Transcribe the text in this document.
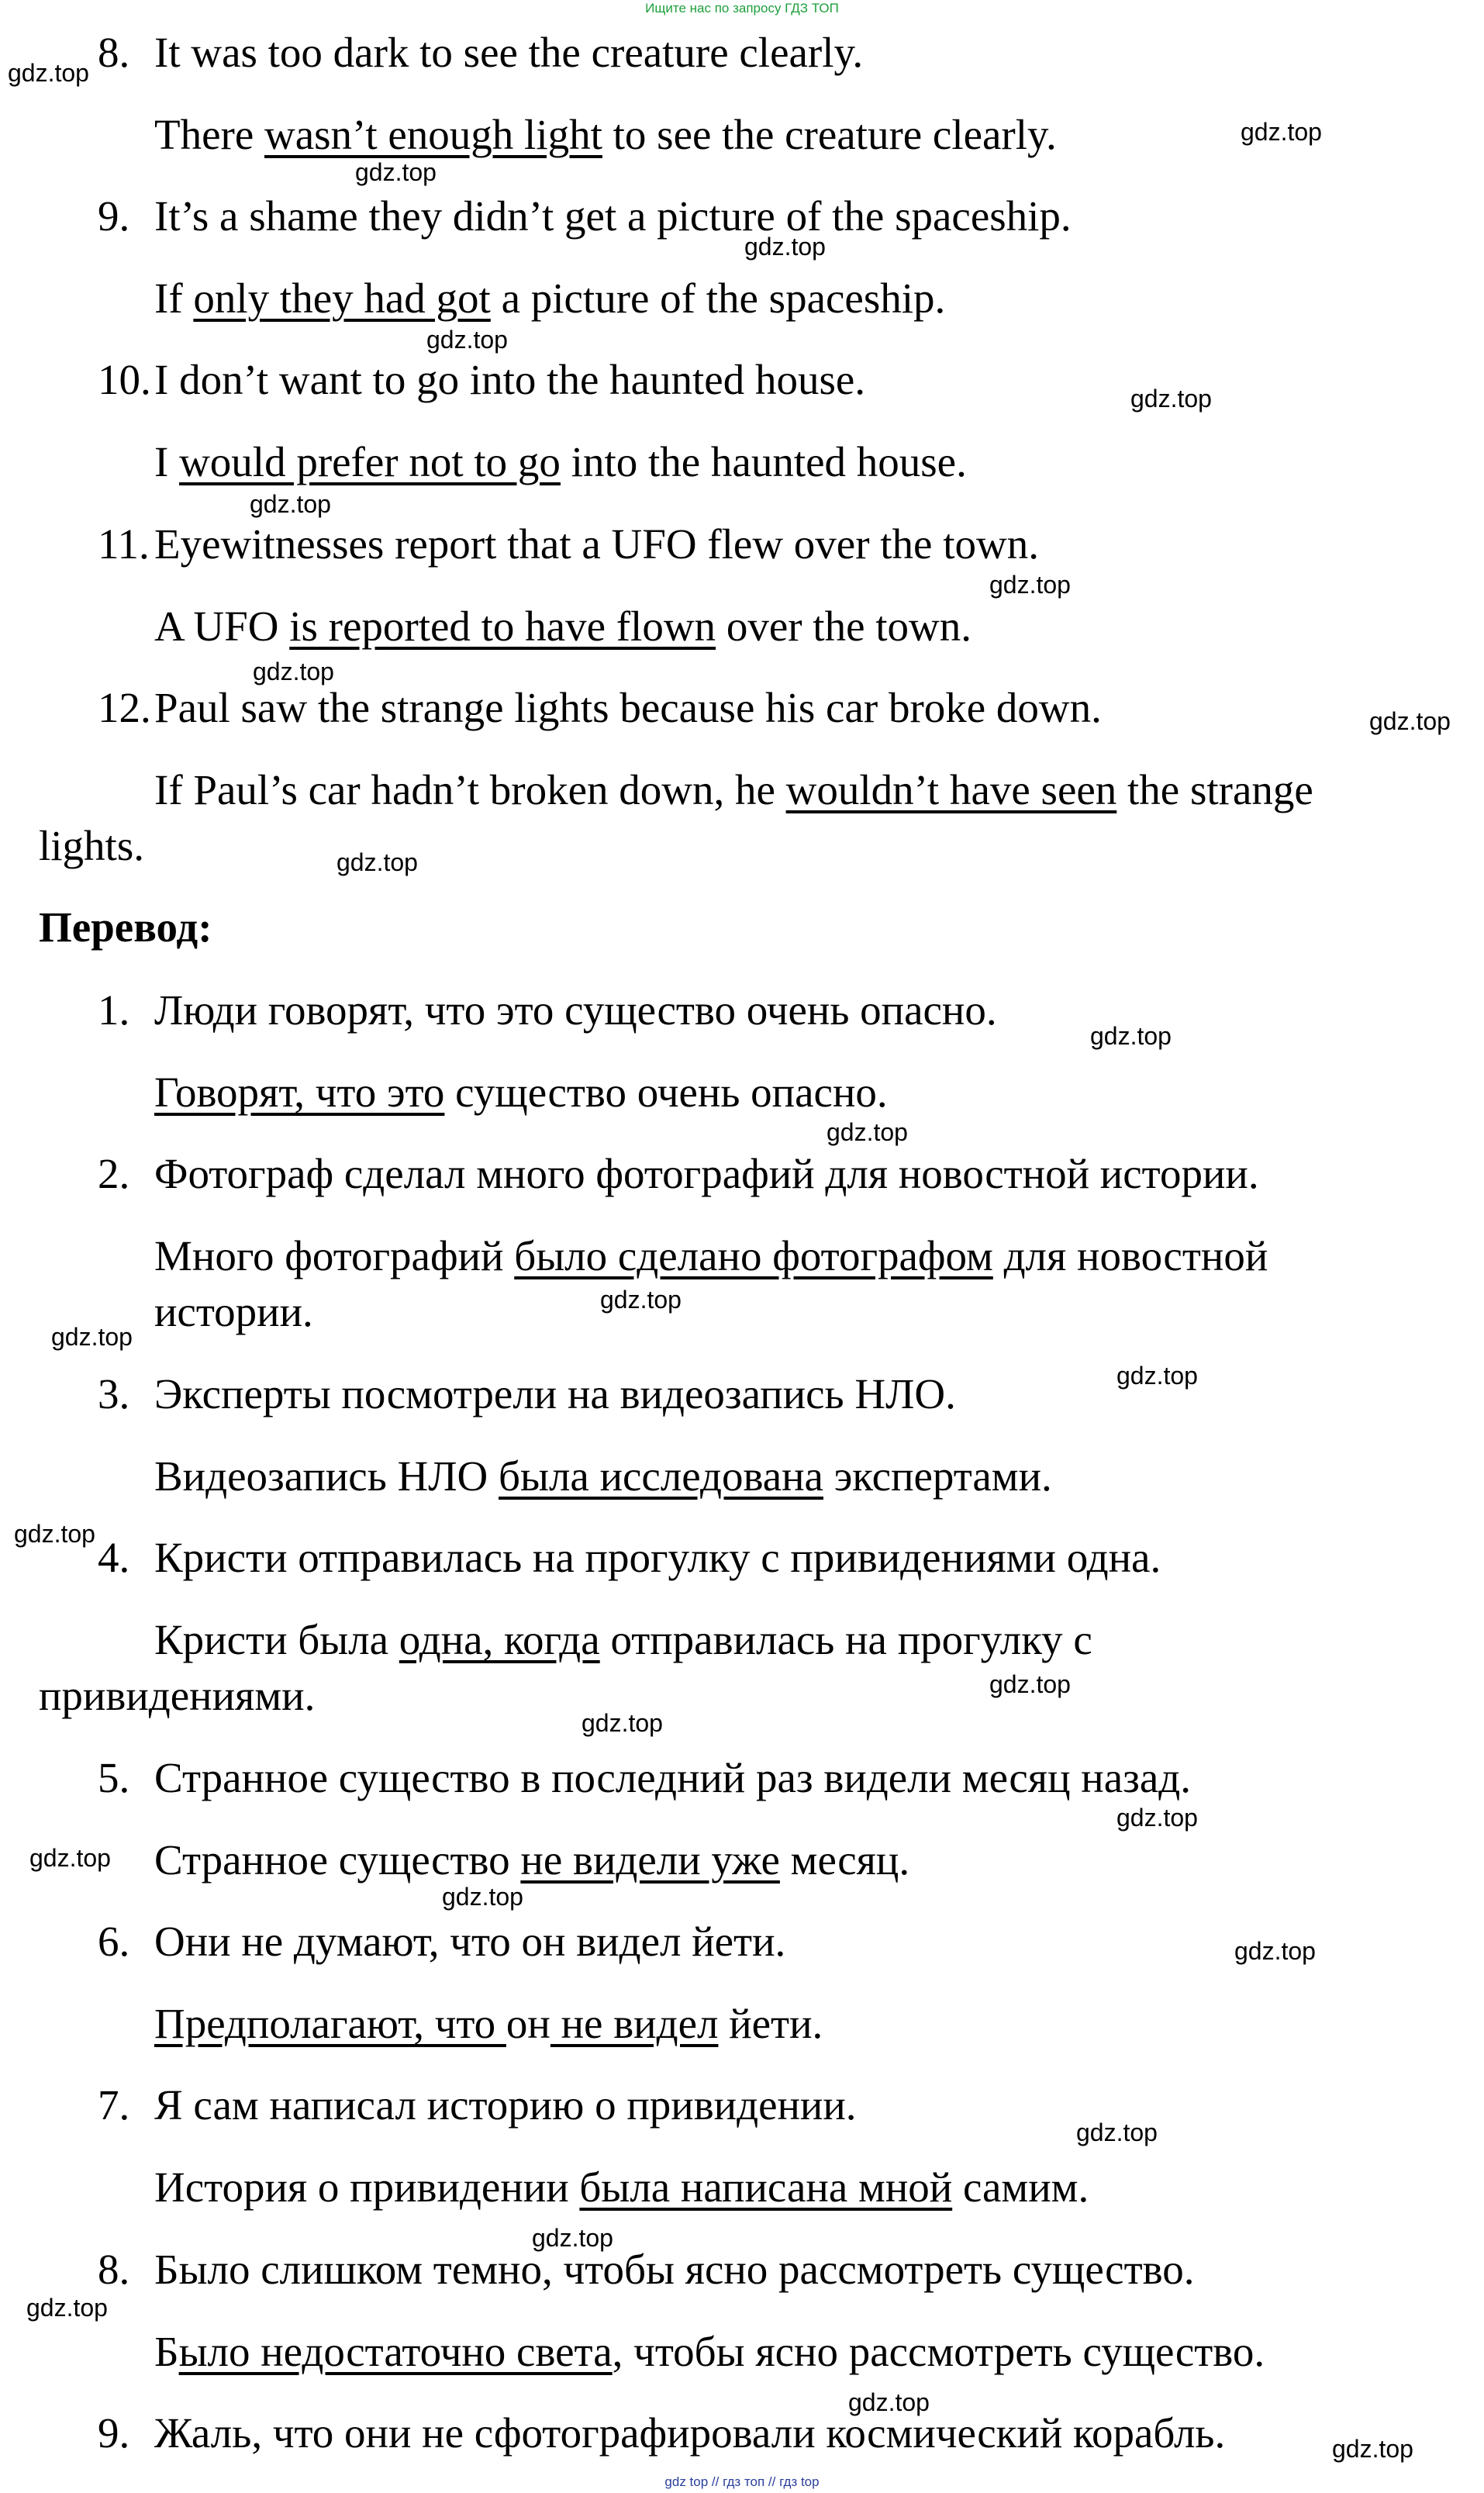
Ищите нас по запросу ГДЗ ТОП
8. It was too dark to see the creature clearly.
There wasn’t enough light to see the creature clearly.
9. It’s a shame they didn’t get a picture of the spaceship.
If only they had got a picture of the spaceship.
10. I don’t want to go into the haunted house.
I would prefer not to go into the haunted house.
11. Eyewitnesses report that a UFO flew over the town.
A UFO is reported to have flown over the town.
12. Paul saw the strange lights because his car broke down.
If Paul’s car hadn’t broken down, he wouldn’t have seen the strange
lights.
Перевод:
1. Люди говорят, что это существо очень опасно.
Говорят, что это существо очень опасно.
2. Фотограф сделал много фотографий для новостной истории.
Много фотографий было сделано фотографом для новостной
истории.
3. Эксперты посмотрели на видеозапись НЛО.
Видеозапись НЛО была исследована экспертами.
4. Кристи отправилась на прогулку с привидениями одна.
Кристи была одна, когда отправилась на прогулку с
привидениями.
5. Странное существо в последний раз видели месяц назад.
Странное существо не видели уже месяц.
6. Они не думают, что он видел йети.
Предполагают, что он не видел йети.
7. Я сам написал историю о привидении.
История о привидении была написана мной самим.
8. Было слишком темно, чтобы ясно рассмотреть существо.
Было недостаточно света, чтобы ясно рассмотреть существо.
9. Жаль, что они не сфотографировали космический корабль.
gdz.top
gdz.top
gdz.top
gdz.top
gdz.top
gdz.top
gdz.top
gdz.top
gdz.top
gdz.top
gdz.top
gdz.top
gdz.top
gdz.top
gdz.top
gdz.top
gdz.top
gdz.top
gdz.top
gdz.top
gdz.top
gdz.top
gdz.top
gdz.top
gdz.top
gdz.top
gdz.top
gdz.top
gdz top // гдз топ // гдз top
